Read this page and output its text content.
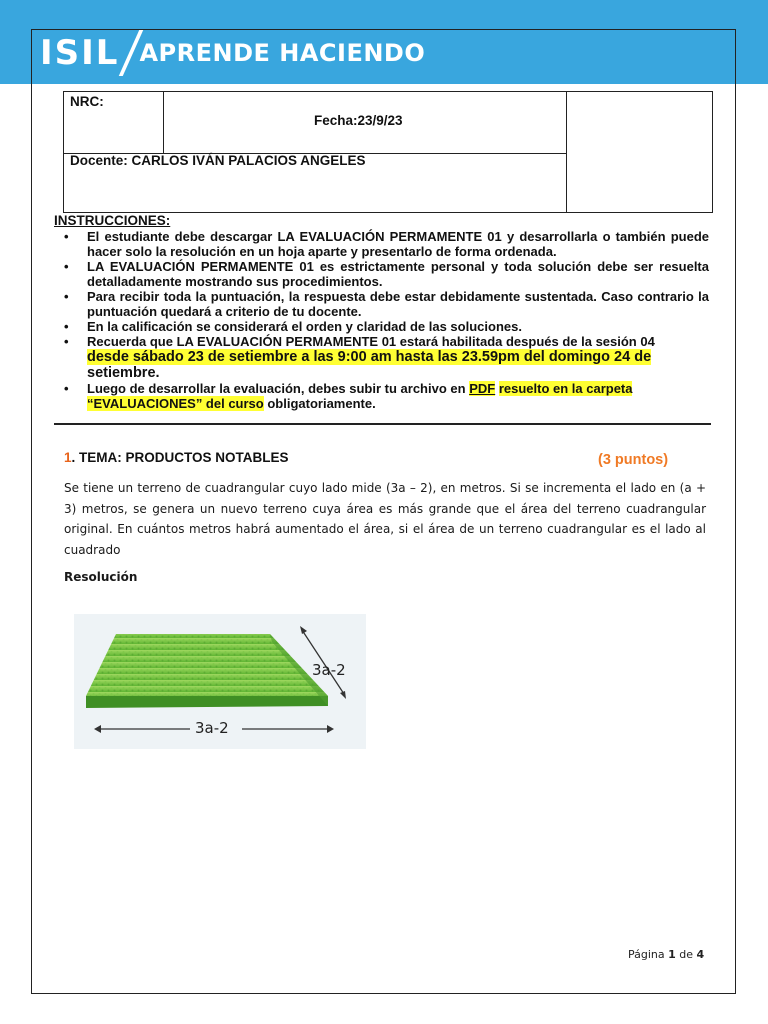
ISIL APRENDE HACIENDO
NRC:
Fecha:23/9/23
Docente: CARLOS IVÁN PALACIOS ANGELES
INSTRUCCIONES:
• El estudiante debe descargar LA EVALUACIÓN PERMAMENTE 01 y desarrollarla o también puede hacer solo la resolución en un hoja aparte y presentarlo de forma ordenada.
• LA EVALUACIÓN PERMAMENTE 01 es estrictamente personal y toda solución debe ser resuelta detalladamente mostrando sus procedimientos.
• Para recibir toda la puntuación, la respuesta debe estar debidamente sustentada. Caso contrario la puntuación quedará a criterio de tu docente.
• En la calificación se considerará el orden y claridad de las soluciones.
• Recuerda que LA EVALUACIÓN PERMAMENTE 01 estará habilitada después de la sesión 04
desde sábado 23 de setiembre a las 9:00 am hasta las 23.59pm del domingo 24 de
setiembre.
• Luego de desarrollar la evaluación, debes subir tu archivo en PDF resuelto en la carpeta
“EVALUACIONES” del curso obligatoriamente.
1. TEMA: PRODUCTOS NOTABLES	(3 puntos)
Se tiene un terreno de cuadrangular cuyo lado mide (3a – 2), en metros. Si se incrementa el lado en (a + 3) metros, se genera un nuevo terreno cuya área es más grande que el área del terreno cuadrangular original. En cuántos metros habrá aumentado el área, si el área de un terreno cuadrangular es el lado al cuadrado
Resolución
3a-2
3a-2
Página 1 de 4
